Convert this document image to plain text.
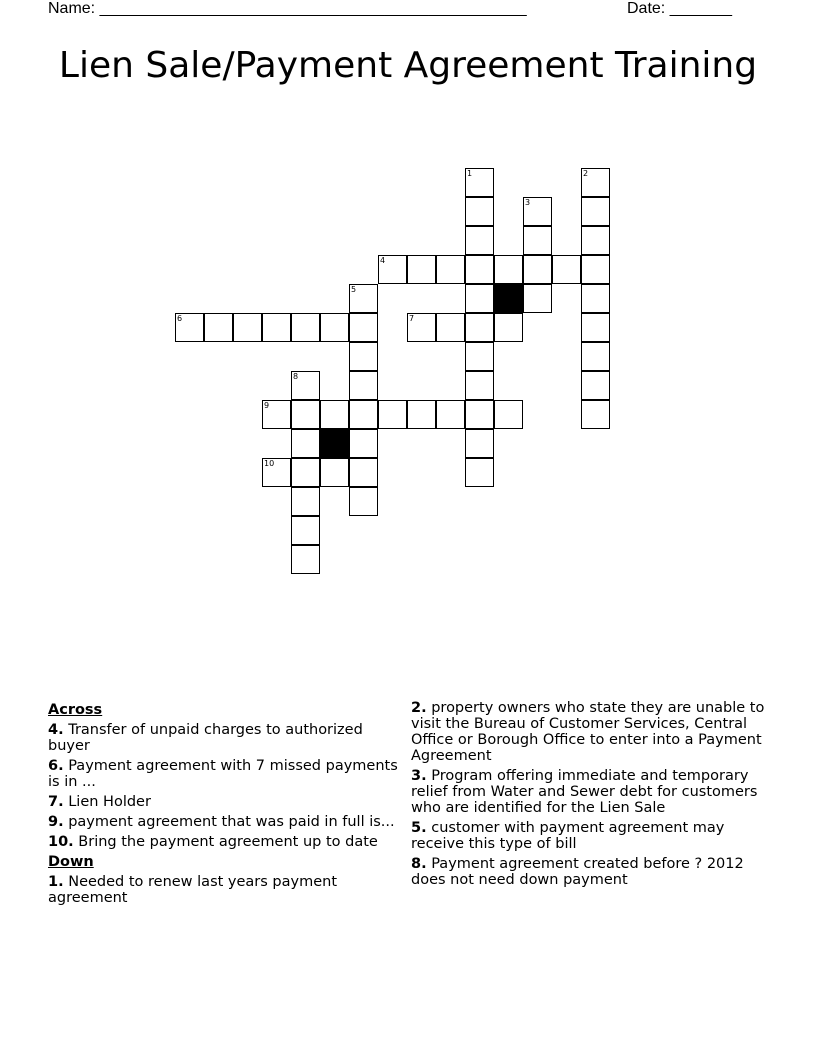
Name: ________________________________________________	Date: _______
Lien Sale/Payment Agreement Training
1	2
3
4
5
6	7
8
9
10
Across
4. Transfer of unpaid charges to authorized buyer
6. Payment agreement with 7 missed payments is in ...
7. Lien Holder
9. payment agreement that was paid in full is...
10. Bring the payment agreement up to date
Down
1. Needed to renew last years payment agreement
2. property owners who state they are unable to visit the Bureau of Customer Services, Central Office or Borough Office to enter into a Payment Agreement
3. Program offering immediate and temporary relief from Water and Sewer debt for customers who are identified for the Lien Sale
5. customer with payment agreement may receive this type of bill
8. Payment agreement created before ? 2012 does not need down payment
